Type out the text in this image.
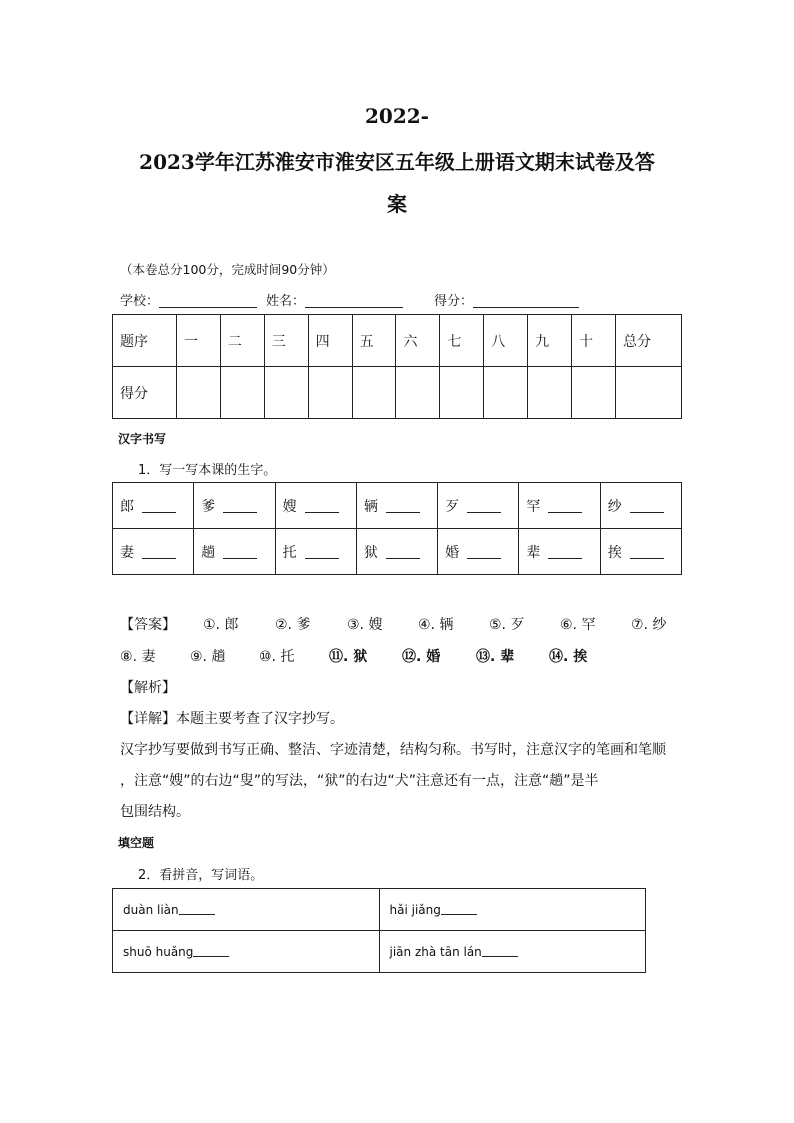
2022-
2023学年江苏淮安市淮安区五年级上册语文期末试卷及答
案
（本卷总分100分，完成时间90分钟）
学校：	姓名：	得分：
题序	一	二	三	四	五	六	七	八	九	十	总分
得分											
汉字书写
1．写一写本课的生字。
郎	爹	嫂	辆	歹	罕	纱
妻	趟	托	狱	婚	辈	挨
【答案】 ①. 郎	②. 爹	③. 嫂	④. 辆	⑤. 歹	⑥. 罕	⑦. 纱
⑧. 妻 ⑨. 趟 ⑩. 托 ⑪. 狱 ⑫. 婚	⑬. 辈 ⑭. 挨
【解析】
【详解】本题主要考查了汉字抄写。
汉字抄写要做到书写正确、整洁、字迹清楚，结构匀称。书写时，注意汉字的笔画和笔顺
，注意“嫂”的右边“叟”的写法，“狱”的右边“犬”注意还有一点，注意“趟”是半
包围结构。
填空题
2．看拼音，写词语。
duàn liàn	hǎi jiǎng
shuō huǎng	jiān zhà tān lán
